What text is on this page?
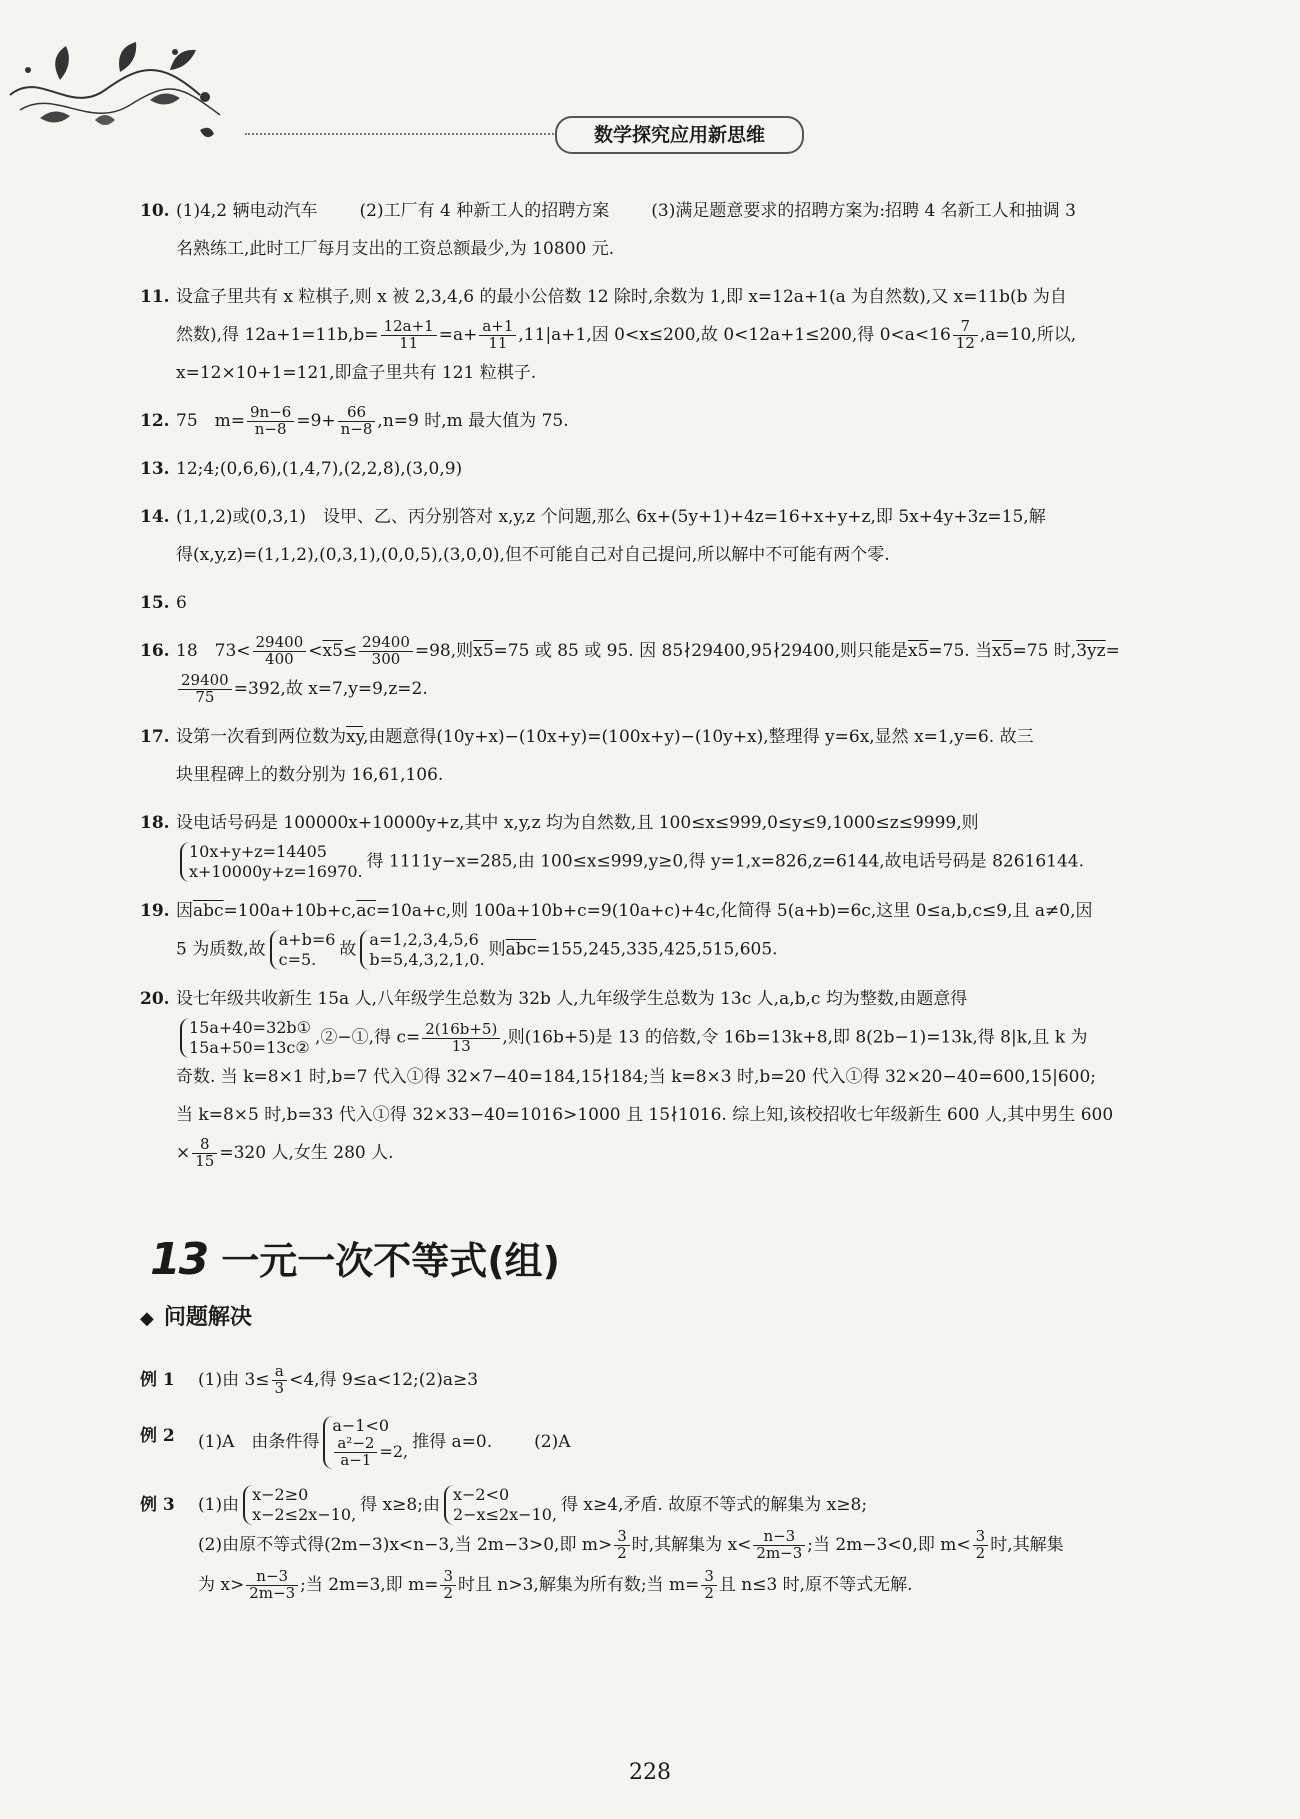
数学探究应用新思维
10. (1)4,2 辆电动汽车 (2)工厂有 4 种新工人的招聘方案 (3)满足题意要求的招聘方案为:招聘 4 名新工人和抽调 3

名熟练工,此时工厂每月支出的工资总额最少,为 10800 元.

11. 设盒子里共有 x 粒棋子,则 x 被 2,3,4,6 的最小公倍数 12 除时,余数为 1,即 x=12a+1(a 为自然数),又 x=11b(b 为自

然数),得 $12a+1=11b,b= \frac{12a+1}{11} =a+ \frac{a+1}{11} ,11|a+1$,因 0<x≤200,故 0<12a+1≤200,得 $0<a<16 \frac{7}{12} ,a=10$,所以,

x=12×10+1=121,即盒子里共有 121 粒棋子.

12. 75　$m= \frac{9n-6}{n-8} =9+ \frac{66}{n-8} ,n=9$ 时,m 最大值为 75.

13. 12;4;(0,6,6),(1,4,7),(2,2,8),(3,0,9)

14. (1,1,2)或(0,3,1)　设甲、乙、丙分别答对 x,y,z 个问题,那么 6x+(5y+1)+4z=16+x+y+z,即 5x+4y+3z=15,解

得(x,y,z)=(1,1,2),(0,3,1),(0,0,5),(3,0,0),但不可能自己对自己提问,所以解中不可能有两个零.

15. 6

16. 18　$73< \frac{29400}{400} <x5\le \frac{29400}{300} =98$,则x5=75 或 85 或 95. 因 85∤29400,95∤29400,则只能是x5=75. 当x5=75 时,3yz=

$\frac{29400}{75} =392$,故 x=7,y=9,z=2.

17. 设第一次看到两位数为$\overline{xy}$,由题意得(10y+x)−(10x+y)=(100x+y)−(10y+x),整理得 y=6x,显然 x=1,y=6. 故三

块里程碑上的数分别为 16,61,106.

18. 设电话号码是 100000x+10000y+z,其中 x,y,z 均为自然数,且 100≤x≤999,0≤y≤9,1000≤z≤9999,则

10x+y+z=14405
x+10000y+z=16970. 得 1111y−x=285,由 100≤x≤999,y≥0,得 y=1,x=826,z=6144,故电话号码是 82616144.

19. 因$\overline{abc}=100a+10b+c,\overline{ac}=10a+c$,则 100a+10b+c=9(10a+c)+4c,化简得 5(a+b)=6c,这里 0≤a,b,c≤9,且 a≠0,因

5 为质数,故 a+b=6
c=5.	故 a=1,2,3,4,5,6
b=5,4,3,2,1,0. 则$\overline{abc}=155,245,335,425,515,605$.

20. 设七年级共收新生 15a 人,八年级学生总数为 32b 人,九年级学生总数为 13c 人,a,b,c 均为整数,由题意得

15a+40=32b①
15a+50=13c② ,②−①,得 $c= \frac{2(16b+5)}{13}$ ,则(16b+5)是 13 的倍数,令 16b=13k+8,即 8(2b−1)=13k,得 8|k,且 k 为

奇数. 当 k=8×1 时,b=7 代入①得 32×7−40=184,15∤184;当 k=8×3 时,b=20 代入①得 32×20−40=600,15|600;

当 k=8×5 时,b=33 代入①得 32×33−40=1016>1000 且 15∤1016. 综上知,该校招收七年级新生 600 人,其中男生 600

× $\frac{8}{15} =320$ 人,女生 280 人.

13 一元一次不等式(组)
◆ 问题解决
例 1 (1)由 $3\le \frac{a}{3} <4$,得 9≤a<12;(2)a≥3

例 2 (1)A　由条件得
a−1<0
$\frac{\text{a²−2}}{a-1} =2$, 推得 a=0. (2)A

例 3 (1)由 x−2≥0
x−2≤2x−10, 得 x≥8;由 x−2<0
2−x≤2x−10, 得 x≥4,矛盾. 故原不等式的解集为 x≥8;

(2)由原不等式得(2m−3)x<n−3,当 2m−3>0,即 $m> \frac{3}{2}$ 时,其解集为 $x< \frac{n-3}{2m-3}$ ;当 2m−3<0,即 $m< \frac{3}{2}$ 时,其解集

为 $x> \frac{n-3}{2m-3}$ ;当 2m=3,即 $m= \frac{3}{2}$ 时且 n>3,解集为所有数;当 $m= \frac{3}{2}$ 且 n≤3 时,原不等式无解.

228
